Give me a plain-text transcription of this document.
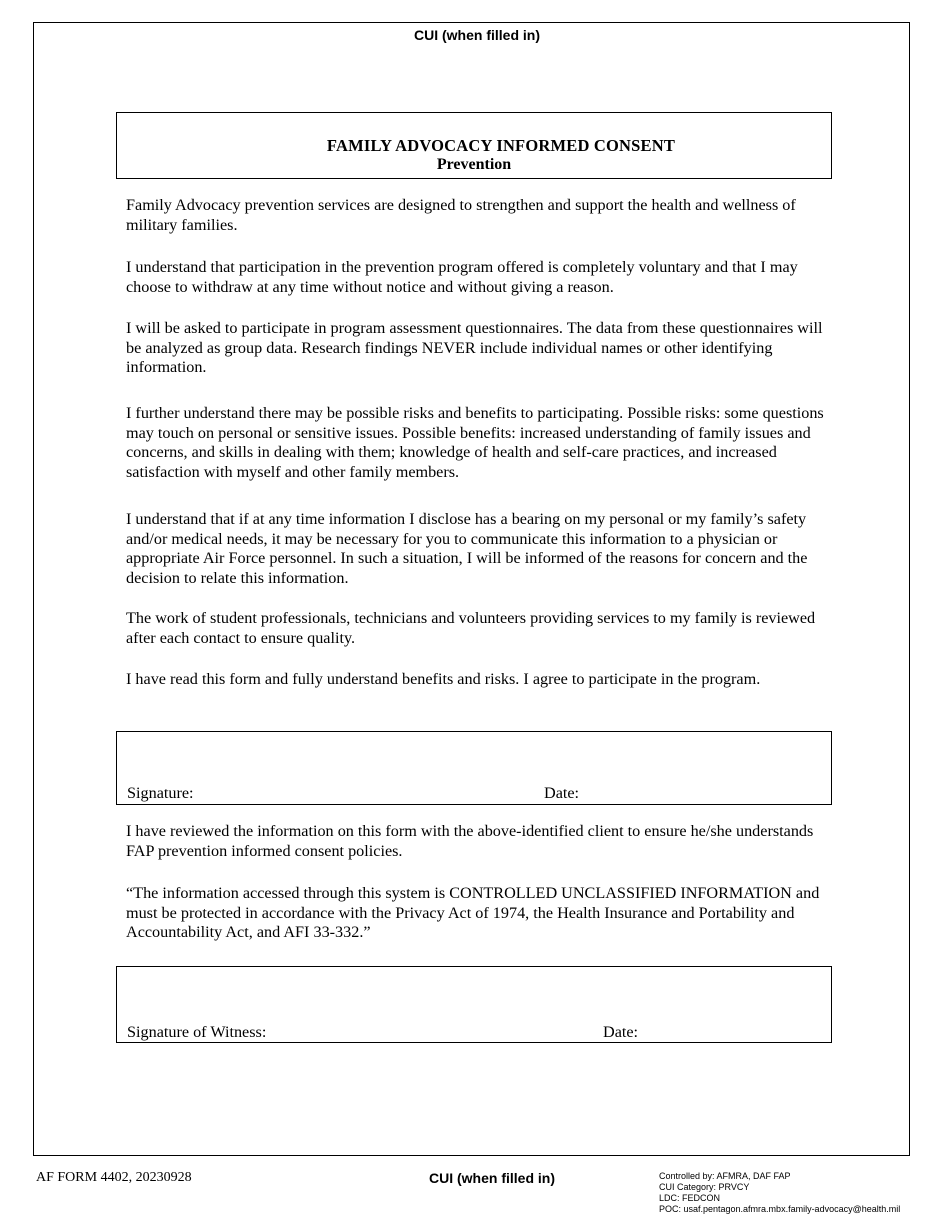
CUI (when filled in)
FAMILY ADVOCACY INFORMED CONSENT
Prevention

Family Advocacy prevention services are designed to strengthen and support the health and wellness of military families.

I understand that participation in the prevention program offered is completely voluntary and that I may choose to withdraw at any time without notice and without giving a reason.

I will be asked to participate in program assessment questionnaires. The data from these questionnaires will be analyzed as group data. Research findings NEVER include individual names or other identifying information.

I further understand there may be possible risks and benefits to participating. Possible risks: some questions may touch on personal or sensitive issues. Possible benefits: increased understanding of family issues and concerns, and skills in dealing with them; knowledge of health and self-care practices, and increased satisfaction with myself and other family members.

I understand that if at any time information I disclose has a bearing on my personal or my family’s safety and/or medical needs, it may be necessary for you to communicate this information to a physician or appropriate Air Force personnel. In such a situation, I will be informed of the reasons for concern and the decision to relate this information.

The work of student professionals, technicians and volunteers providing services to my family is reviewed after each contact to ensure quality.

I have read this form and fully understand benefits and risks. I agree to participate in the program.

Signature:	Date:

I have reviewed the information on this form with the above-identified client to ensure he/she understands FAP prevention informed consent policies.

“The information accessed through this system is CONTROLLED UNCLASSIFIED INFORMATION and must be protected in accordance with the Privacy Act of 1974, the Health Insurance and Portability and Accountability Act, and AFI 33-332.”

Signature of Witness:	Date:
AF FORM 4402, 20230928	CUI (when filled in)	Controlled by: AFMRA, DAF FAP
CUI Category: PRVCY
LDC: FEDCON
POC: usaf.pentagon.afmra.mbx.family-advocacy@health.mil
